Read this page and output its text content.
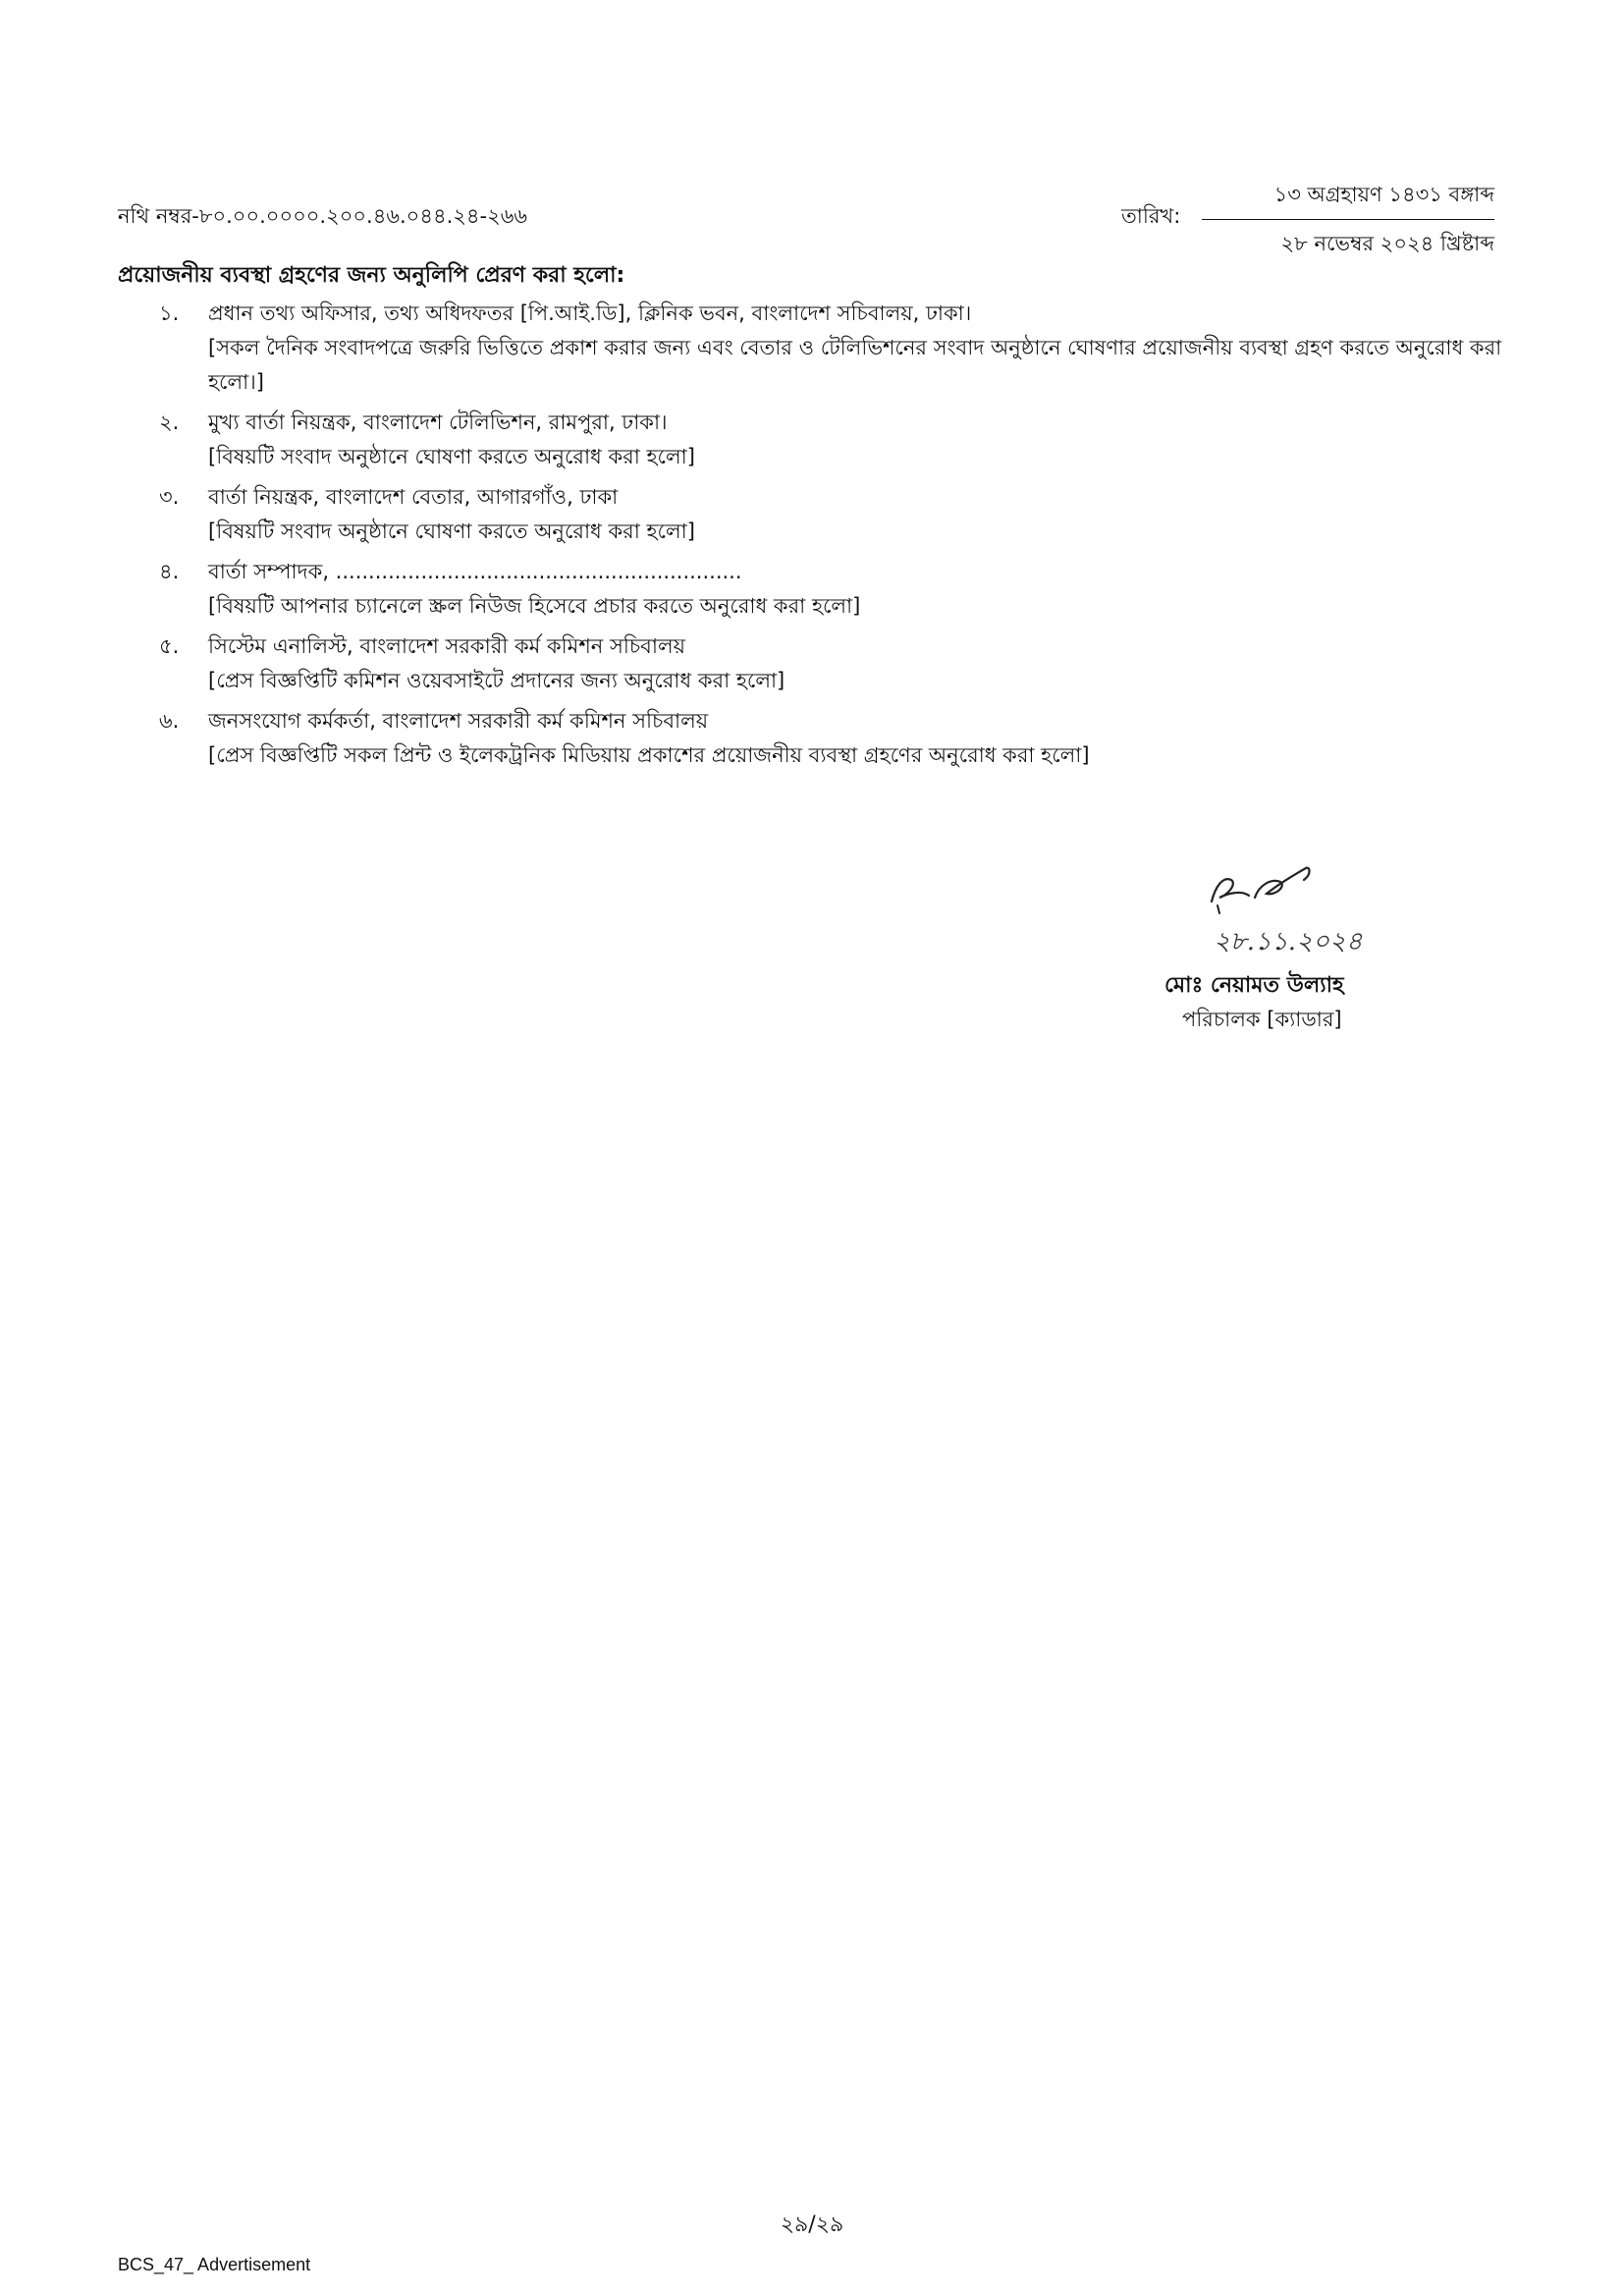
নথি নম্বর-৮০.০০.০০০০.২০০.৪৬.০৪৪.২৪-২৬৬	তারিখ:
১৩ অগ্রহায়ণ ১৪৩১ বঙ্গাব্দ
২৮ নভেম্বর ২০২৪ খ্রিষ্টাব্দ
প্রয়োজনীয় ব্যবস্থা গ্রহণের জন্য অনুলিপি প্রেরণ করা হলো:
১. প্রধান তথ্য অফিসার, তথ্য অধিদফতর [পি.আই.ডি], ক্লিনিক ভবন, বাংলাদেশ সচিবালয়, ঢাকা।
[সকল দৈনিক সংবাদপত্রে জরুরি ভিত্তিতে প্রকাশ করার জন্য এবং বেতার ও টেলিভিশনের সংবাদ অনুষ্ঠানে ঘোষণার প্রয়োজনীয় ব্যবস্থা গ্রহণ করতে অনুরোধ করা হলো।]
২. মুখ্য বার্তা নিয়ন্ত্রক, বাংলাদেশ টেলিভিশন, রামপুরা, ঢাকা।
[বিষয়টি সংবাদ অনুষ্ঠানে ঘোষণা করতে অনুরোধ করা হলো]
৩. বার্তা নিয়ন্ত্রক, বাংলাদেশ বেতার, আগারগাঁও, ঢাকা
[বিষয়টি সংবাদ অনুষ্ঠানে ঘোষণা করতে অনুরোধ করা হলো]
৪. বার্তা সম্পাদক, ..............................................................
[বিষয়টি আপনার চ্যানেলে স্ক্রল নিউজ হিসেবে প্রচার করতে অনুরোধ করা হলো]
৫. সিস্টেম এনালিস্ট, বাংলাদেশ সরকারী কর্ম কমিশন সচিবালয়
[প্রেস বিজ্ঞপ্তিটি কমিশন ওয়েবসাইটে প্রদানের জন্য অনুরোধ করা হলো]
৬. জনসংযোগ কর্মকর্তা, বাংলাদেশ সরকারী কর্ম কমিশন সচিবালয়
[প্রেস বিজ্ঞপ্তিটি সকল প্রিন্ট ও ইলেকট্রনিক মিডিয়ায় প্রকাশের প্রয়োজনীয় ব্যবস্থা গ্রহণের অনুরোধ করা হলো]
২৮.১১.২০২৪
মোঃ নেয়ামত উল্যাহ
পরিচালক [ক্যাডার]
২৯/২৯
BCS_47_ Advertisement
